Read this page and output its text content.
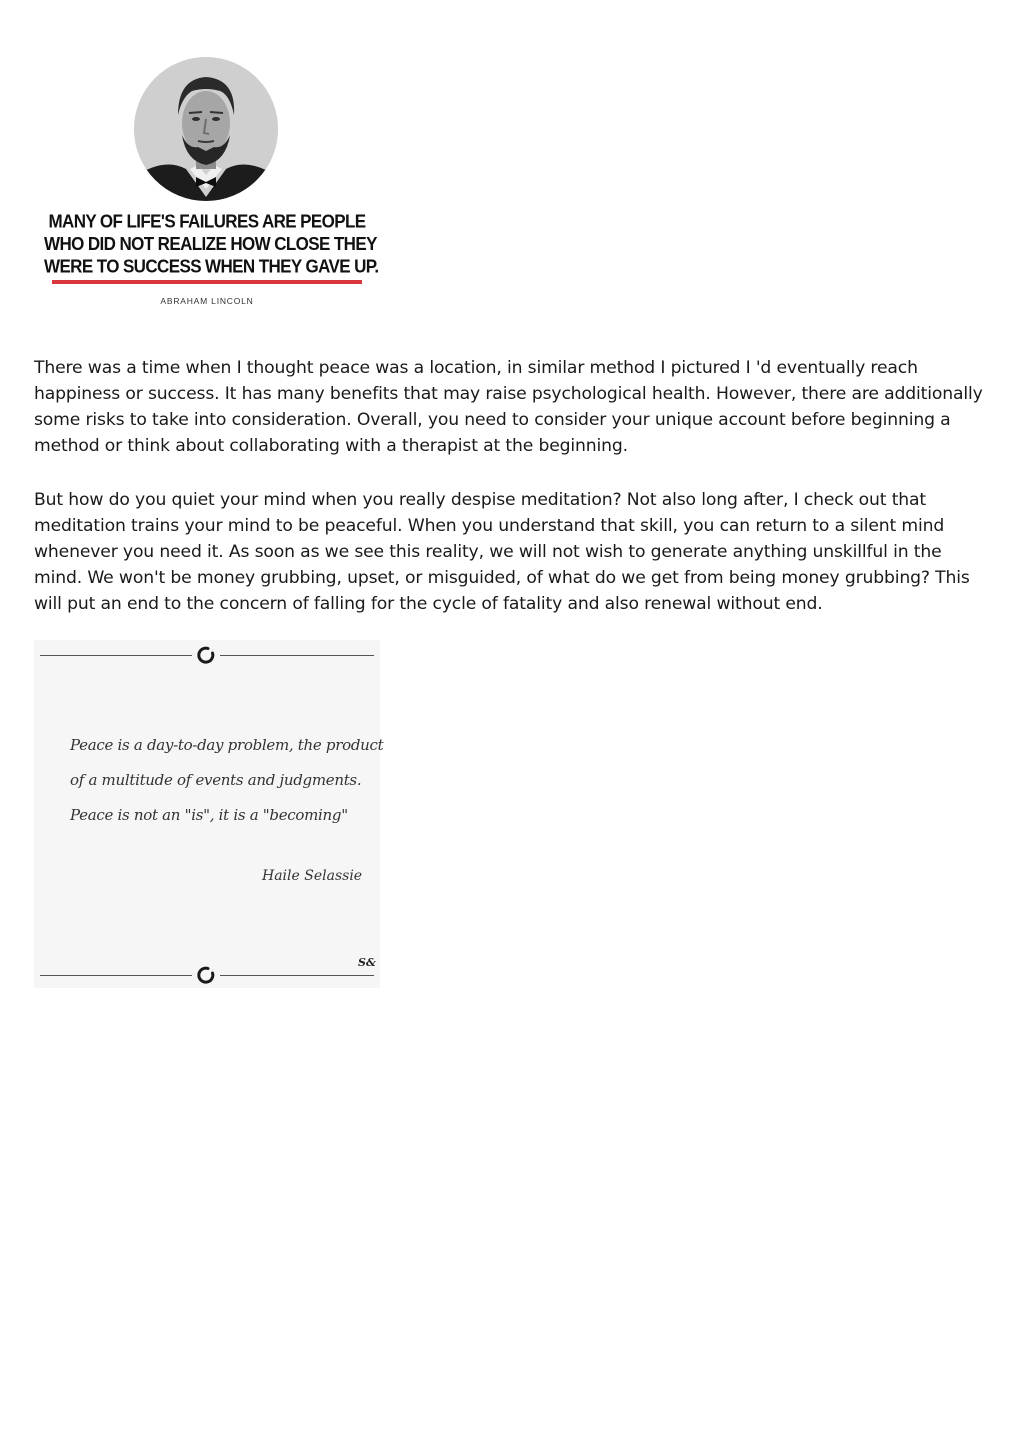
MANY OF LIFE'S FAILURES ARE PEOPLE
WHO DID NOT REALIZE HOW CLOSE THEY
WERE TO SUCCESS WHEN THEY GAVE UP.
ABRAHAM LINCOLN

There was a time when I thought peace was a location, in similar method I pictured I 'd eventually reach happiness or success. It has many benefits that may raise psychological health. However, there are additionally some risks to take into consideration. Overall, you need to consider your unique account before beginning a method or think about collaborating with a therapist at the beginning.

But how do you quiet your mind when you really despise meditation? Not also long after, I check out that meditation trains your mind to be peaceful. When you understand that skill, you can return to a silent mind whenever you need it. As soon as we see this reality, we will not wish to generate anything unskillful in the mind. We won't be money grubbing, upset, or misguided, of what do we get from being money grubbing? This will put an end to the concern of falling for the cycle of fatality and also renewal without end.

Peace is a day-to-day problem, the product
of a multitude of events and judgments.
Peace is not an "is", it is a "becoming"
Haile Selassie
S&
